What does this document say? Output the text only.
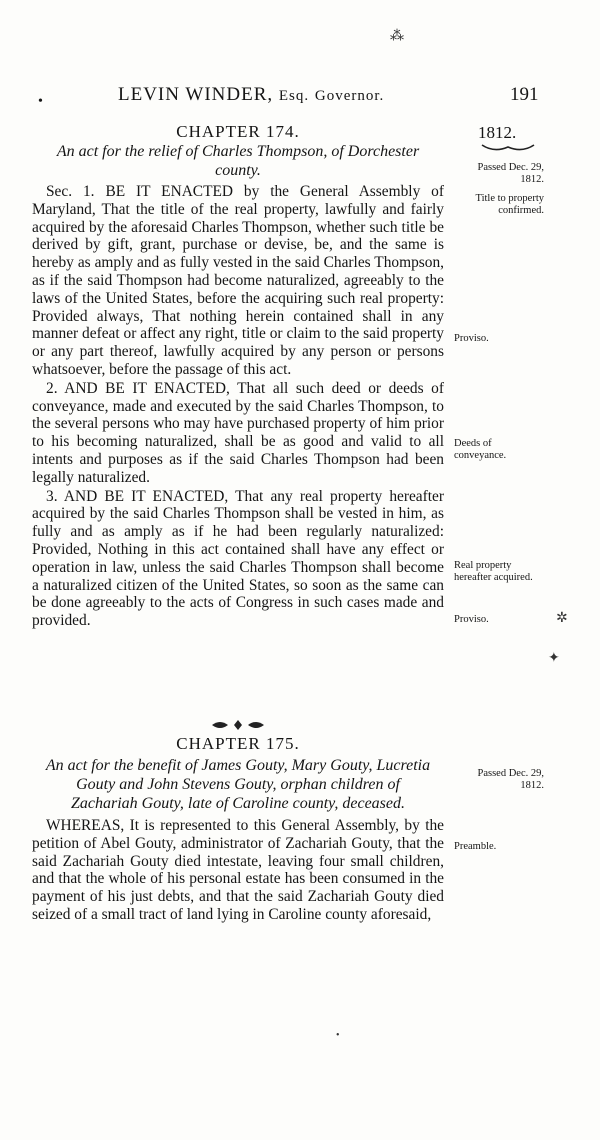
⁂
✲
✦
•
•	LEVIN WINDER, Esq. Governor.	191
1812.

CHAPTER 174.

An act for the relief of Charles Thompson, of Dorchester county.

Sec. 1. BE IT ENACTED by the General Assembly of Maryland, That the title of the real property, lawfully and fairly acquired by the aforesaid Charles Thompson, whether such title be derived by gift, grant, purchase or devise, be, and the same is hereby as amply and as fully vested in the said Charles Thompson, as if the said Thompson had become naturalized, agreeably to the laws of the United States, before the acquiring such real property: Provided always, That nothing herein contained shall in any manner defeat or affect any right, title or claim to the said property or any part thereof, lawfully acquired by any person or persons whatsoever, before the passage of this act.

2. AND BE IT ENACTED, That all such deed or deeds of conveyance, made and executed by the said Charles Thompson, to the several persons who may have purchased property of him prior to his becoming naturalized, shall be as good and valid to all intents and purposes as if the said Charles Thompson had been legally naturalized.

3. AND BE IT ENACTED, That any real property hereafter acquired by the said Charles Thompson shall be vested in him, as fully and as amply as if he had been regularly naturalized: Provided, Nothing in this act contained shall have any effect or operation in law, unless the said Charles Thompson shall become a naturalized citizen of the United States, so soon as the same can be done agreeably to the acts of Congress in such cases made and provided.

Passed Dec. 29, 1812.
Title to property confirmed.
Proviso.
Deeds of conveyance.
Real property hereafter acquired.
Proviso.

CHAPTER 175.

An act for the benefit of James Gouty, Mary Gouty, Lucretia Gouty and John Stevens Gouty, orphan children of Zachariah Gouty, late of Caroline county, deceased.

WHEREAS, It is represented to this General Assembly, by the petition of Abel Gouty, administrator of Zachariah Gouty, that the said Zachariah Gouty died intestate, leaving four small children, and that the whole of his personal estate has been consumed in the payment of his just debts, and that the said Zachariah Gouty died seized of a small tract of land lying in Caroline county aforesaid,

Passed Dec. 29, 1812.
Preamble.
